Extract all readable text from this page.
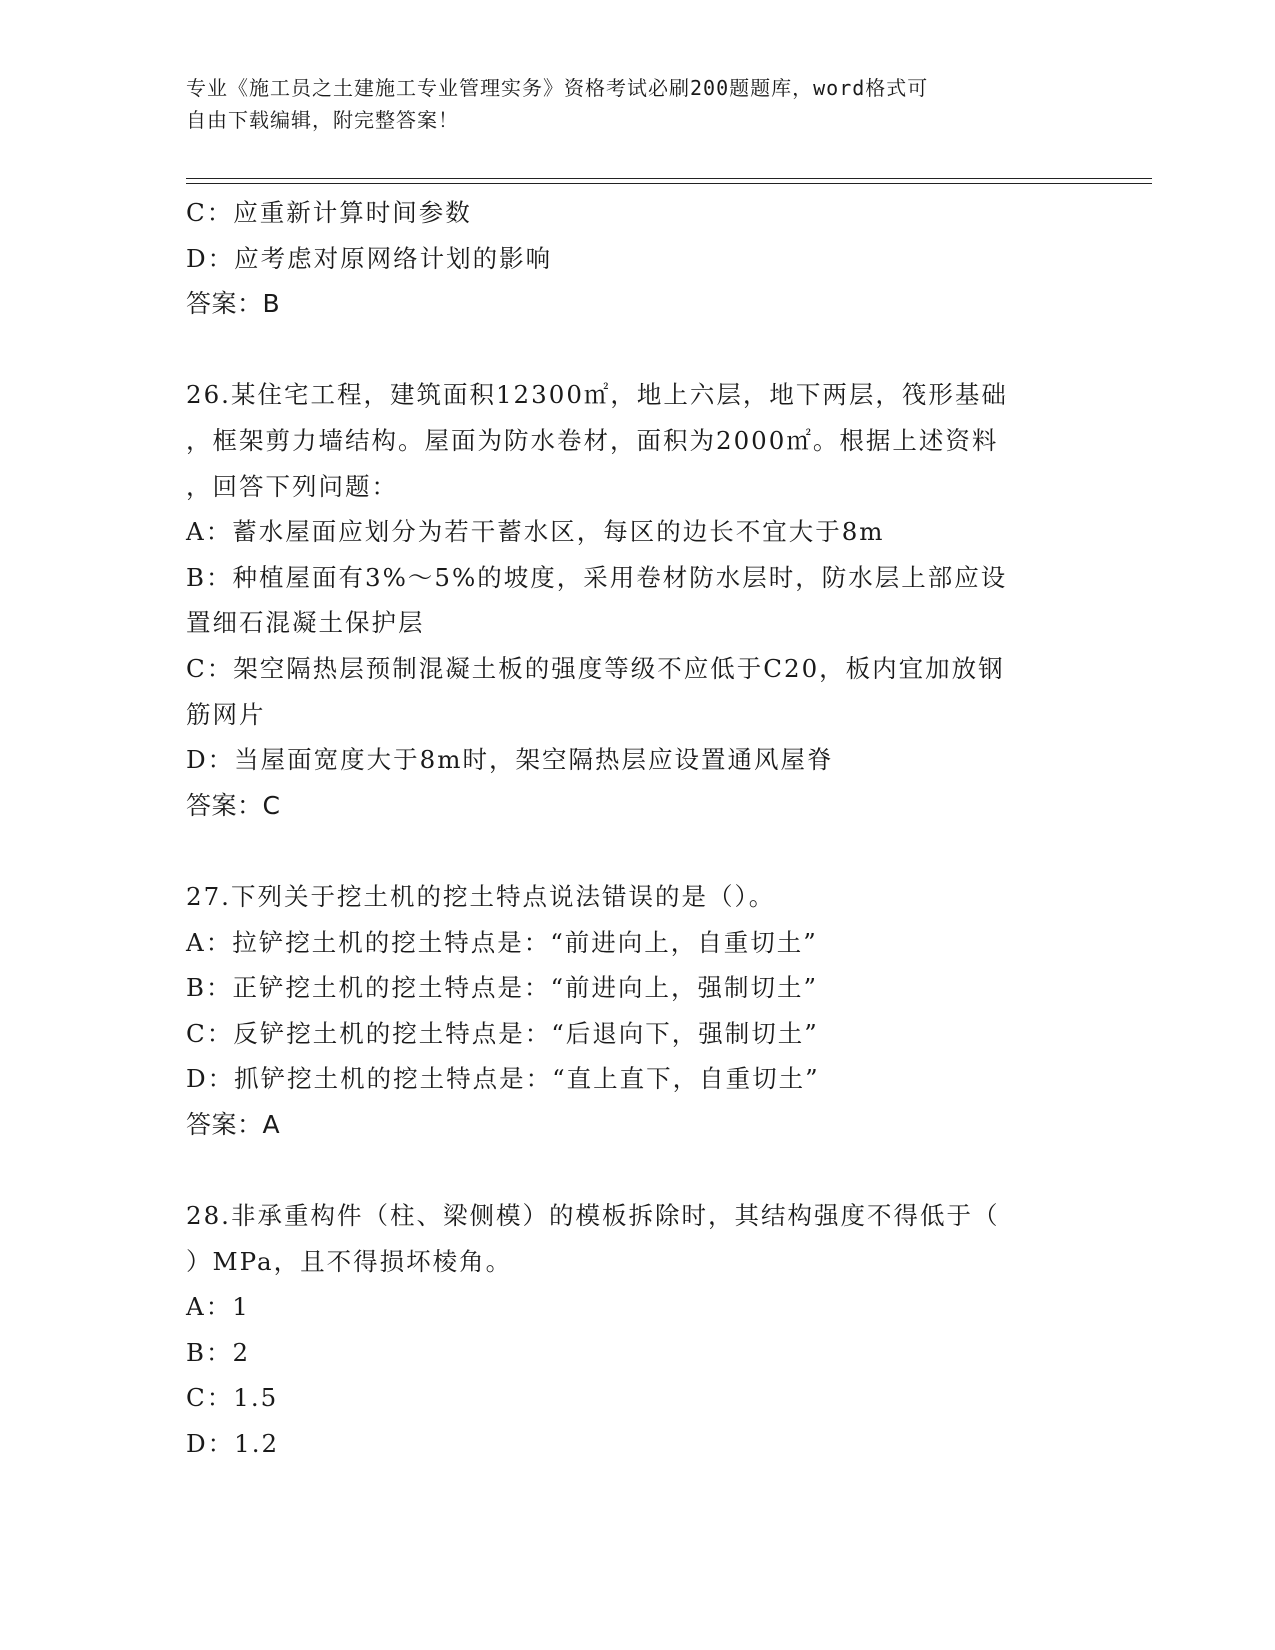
专业《施工员之土建施工专业管理实务》资格考试必刷200题题库，word格式可
自由下载编辑，附完整答案！
C：应重新计算时间参数
D：应考虑对原网络计划的影响
答案：B
26.某住宅工程，建筑面积12300㎡，地上六层，地下两层，筏形基础
，框架剪力墙结构。屋面为防水卷材，面积为2000㎡。根据上述资料
，回答下列问题：
A：蓄水屋面应划分为若干蓄水区，每区的边长不宜大于8m
B：种植屋面有3%～5%的坡度，采用卷材防水层时，防水层上部应设
置细石混凝土保护层
C：架空隔热层预制混凝土板的强度等级不应低于C20，板内宜加放钢
筋网片
D：当屋面宽度大于8m时，架空隔热层应设置通风屋脊
答案：C
27.下列关于挖土机的挖土特点说法错误的是（）。
A：拉铲挖土机的挖土特点是：“前进向上，自重切土”
B：正铲挖土机的挖土特点是：“前进向上，强制切土”
C：反铲挖土机的挖土特点是：“后退向下，强制切土”
D：抓铲挖土机的挖土特点是：“直上直下，自重切土”
答案：A
28.非承重构件（柱、梁侧模）的模板拆除时，其结构强度不得低于（
）MPa，且不得损坏棱角。
A：1
B：2
C：1.5
D：1.2
